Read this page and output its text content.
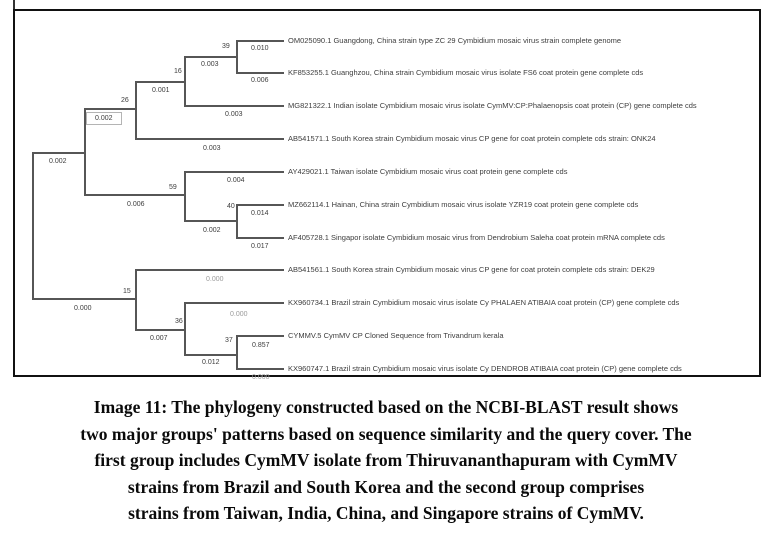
0.002
0.002
0.001
0.003
0.010
0.006
0.003
0.003
0.006
0.004
0.002
0.014
0.017
0.000
0.000
0.007
0.000
0.012
0.857
0.000
39
16
26
59
40
15
36
37
OM025090.1 Guangdong, China strain type ZC 29 Cymbidium mosaic virus strain complete genome
KF853255.1 Guanghzou, China strain Cymbidium mosaic virus isolate FS6 coat protein gene complete cds
MG821322.1 Indian isolate Cymbidium mosaic virus isolate CymMV:CP:Phalaenopsis coat protein (CP) gene complete cds
AB541571.1 South Korea strain Cymbidium mosaic virus CP gene for coat protein complete cds strain: ONK24
AY429021.1 Taiwan isolate Cymbidium mosaic virus coat protein gene complete cds
MZ662114.1 Hainan, China strain Cymbidium mosaic virus isolate YZR19 coat protein gene complete cds
AF405728.1 Singapor isolate Cymbidium mosaic virus from Dendrobium Saleha coat protein mRNA complete cds
AB541561.1 South Korea strain Cymbidium mosaic virus CP gene for coat protein complete cds strain: DEK29
KX960734.1 Brazil strain Cymbidium mosaic virus isolate Cy PHALAEN ATIBAIA coat protein (CP) gene complete cds
CYMMV.5 CymMV CP Cloned Sequence from Trivandrum kerala
KX960747.1 Brazil strain Cymbidium mosaic virus isolate Cy DENDROB ATIBAIA coat protein (CP) gene complete cds
Image 11: The phylogeny constructed based on the NCBI-BLAST result shows
two major groups' patterns based on sequence similarity and the query cover. The
first group includes CymMV isolate from Thiruvananthapuram with CymMV
strains from Brazil and South Korea and the second group comprises
strains from Taiwan, India, China, and Singapore strains of CymMV.
